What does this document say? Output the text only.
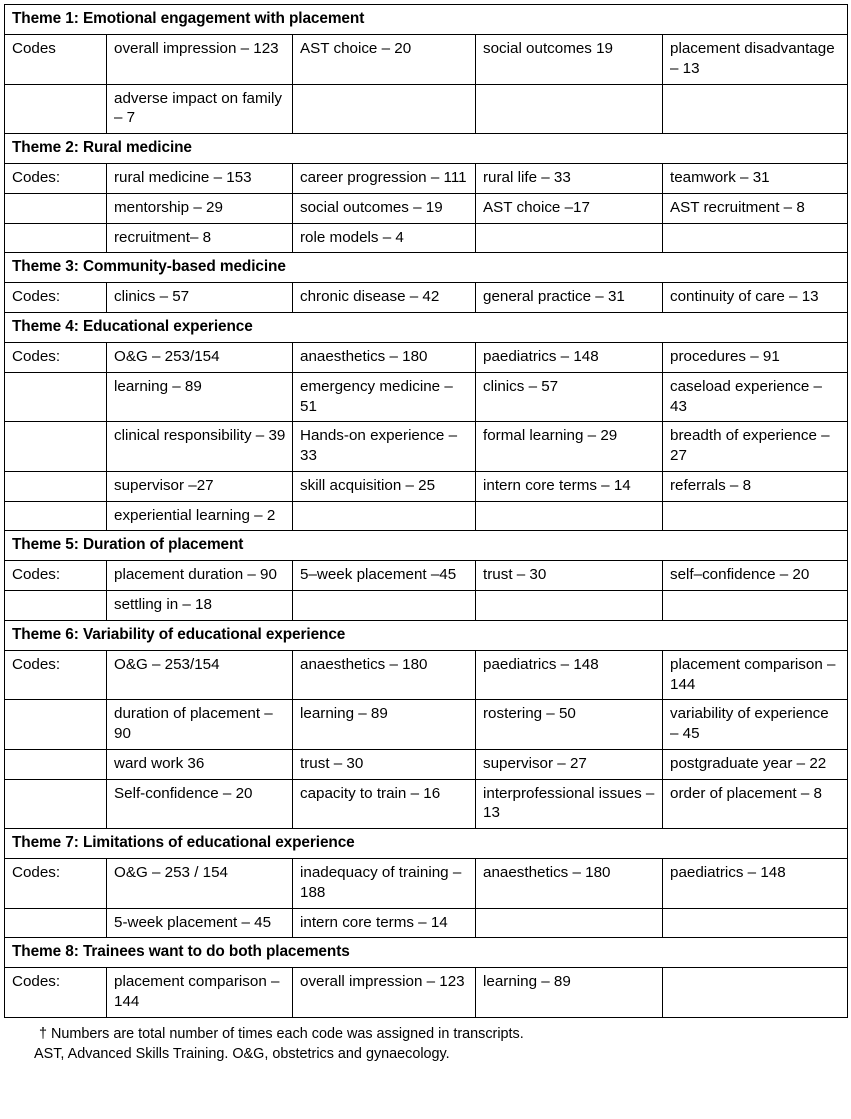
Theme 1: Emotional engagement with placement				
Codes	overall impression – 123	AST choice – 20	social outcomes 19	placement disadvantage – 13

	adverse impact on family – 7			

Theme 2: Rural medicine				
Codes:	rural medicine – 153	career progression – 111	rural life – 33	teamwork – 31

	mentorship – 29	social outcomes – 19	AST choice –17	AST recruitment – 8

	recruitment– 8	role models – 4		

Theme 3: Community-based medicine				
Codes:	clinics – 57	chronic disease – 42	general practice – 31	continuity of care – 13

Theme 4: Educational experience				
Codes:	O&G – 253/154	anaesthetics – 180	paediatrics – 148	procedures – 91

	learning – 89	emergency medicine – 51	clinics – 57	caseload experience – 43

	clinical responsibility – 39	Hands-on experience – 33	formal learning – 29	breadth of experience – 27

	supervisor –27	skill acquisition – 25	intern core terms – 14	referrals – 8

	experiential learning – 2			

Theme 5: Duration of placement				
Codes:	placement duration – 90	5–week placement –45	trust – 30	self–confidence – 20

	settling in – 18			

Theme 6: Variability of educational experience				
Codes:	O&G – 253/154	anaesthetics – 180	paediatrics – 148	placement comparison – 144

	duration of placement – 90	learning – 89	rostering – 50	variability of experience – 45

	ward work 36	trust – 30	supervisor – 27	postgraduate year – 22

	Self-confidence – 20	capacity to train – 16	interprofessional issues – 13	order of placement – 8

Theme 7: Limitations of educational experience				
Codes:	O&G – 253 / 154	inadequacy of training – 188	anaesthetics – 180	paediatrics – 148

	5-week placement – 45	intern core terms – 14		

Theme 8: Trainees want to do both placements				
Codes:	placement comparison – 144	overall impression – 123	learning – 89	

† Numbers are total number of times each code was assigned in transcripts.
AST, Advanced Skills Training. O&G, obstetrics and gynaecology.
